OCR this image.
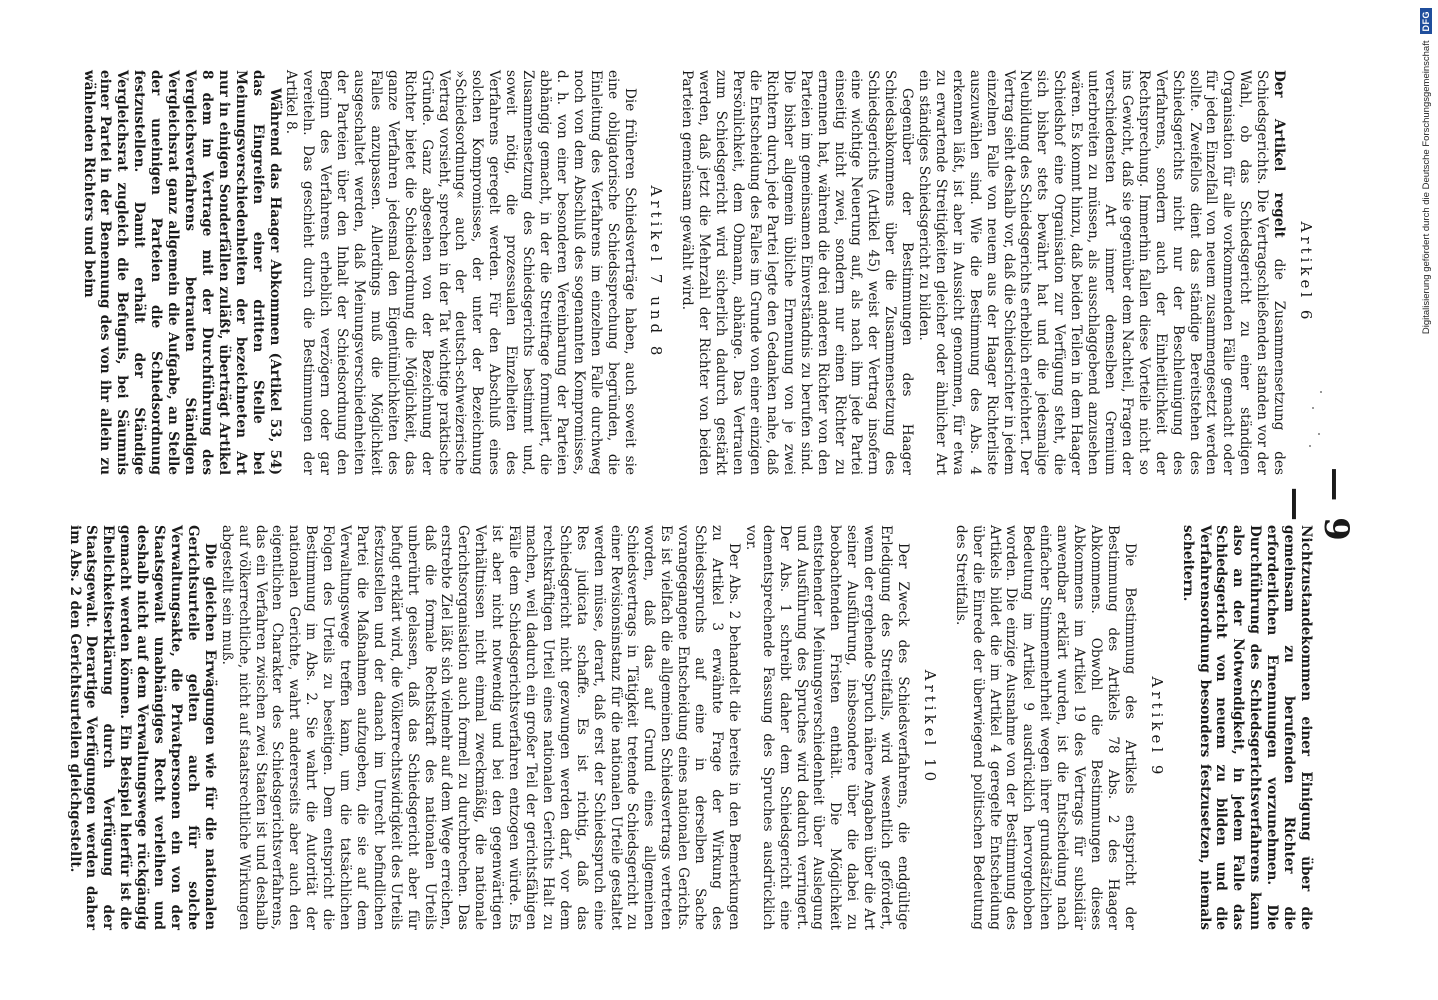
— 9 —
Artikel 6

Der Artikel regelt die Zusammensetzung des Schiedsgerichts. Die Vertragschließenden standen vor der Wahl, ob das Schiedsgericht zu einer ständigen Organisation für alle vorkommenden Fälle gemacht oder für jeden Einzelfall von neuem zusammengesetzt werden sollte. Zweifellos dient das ständige Bereitstehen des Schiedsgerichts nicht nur der Beschleunigung des Verfahrens, sondern auch der Einheitlichkeit der Rechtsprechung. Immerhin fallen diese Vorteile nicht so ins Gewicht, daß sie gegenüber dem Nachteil, Fragen der verschiedensten Art immer demselben Gremium unterbreiten zu müssen, als ausschlaggebend anzusehen wären. Es kommt hinzu, daß beiden Teilen in dem Haager Schiedshof eine Organisation zur Verfügung steht, die sich bisher stets bewährt hat und die jedesmalige Neubildung des Schiedsgerichts erheblich erleichtert. Der Vertrag sieht deshalb vor, daß die Schiedsrichter in jedem einzelnen Falle von neuem aus der Haager Richterliste auszuwählen sind. Wie die Bestimmung des Abs. 4 erkennen läßt, ist aber in Aussicht genommen, für etwa zu erwartende Streitigkeiten gleicher oder ähnlicher Art ein ständiges Schiedsgericht zu bilden.

Gegenüber der Bestimmungen des Haager Schiedsabkommens über die Zusammensetzung des Schiedsgerichts (Artikel 45) weist der Vertrag insofern eine wichtige Neuerung auf, als nach ihm jede Partei einseitig nicht zwei, sondern nur einen Richter zu ernennen hat, während die drei anderen Richter von den Parteien im gemeinsamen Einverständnis zu berufen sind. Die bisher allgemein übliche Ernennung von je zwei Richtern durch jede Partei legte den Gedanken nahe, daß die Entscheidung des Falles im Grunde von einer einzigen Persönlichkeit, dem Obmann, abhänge. Das Vertrauen zum Schiedsgericht wird sicherlich dadurch gestärkt werden, daß jetzt die Mehrzahl der Richter von beiden Parteien gemeinsam gewählt wird.

Artikel 7 und 8

Die früheren Schiedsverträge haben, auch soweit sie eine obligatorische Schiedssprechung begründen, die Einleitung des Verfahrens im einzelnen Falle durchweg noch von dem Abschluß des sogenannten Kompromisses, d. h. von einer besonderen Vereinbarung der Parteien abhängig gemacht, in der die Streitfrage formuliert, die Zusammensetzung des Schiedsgerichts bestimmt und, soweit nötig, die prozessualen Einzelheiten des Verfahrens geregelt werden. Für den Abschluß eines solchen Kompromisses, der unter der Bezeichnung »Schiedsordnung« auch der deutsch-schweizerische Vertrag vorsieht, sprechen in der Tat wichtige praktische Gründe. Ganz abgesehen von der Bezeichnung der Richter bietet die Schiedsordnung die Möglichkeit, das ganze Verfahren jedesmal den Eigentümlichkeiten des Falles anzupassen. Allerdings muß die Möglichkeit ausgeschaltet werden, daß Meinungsverschiedenheiten der Parteien über den Inhalt der Schiedsordnung den Beginn des Verfahrens erheblich verzögern oder gar vereiteln. Das geschieht durch die Bestimmungen der Artikel 8.

Während das Haager Abkommen (Artikel 53, 54) das Eingreifen einer dritten Stelle bei Meinungsverschiedenheiten der bezeichneten Art nur in einigen Sonderfällen zuläßt, überträgt Artikel 8 dem im Vertrage mit der Durchführung des Vergleichsverfahrens betrauten Ständigen Vergleichsrat ganz allgemein die Aufgabe, an Stelle der uneinigen Parteien die Schiedsordnung festzustellen. Damit erhält der Ständige Vergleichsrat zugleich die Befugnis, bei Säumnis einer Partei in der Benennung des von ihr allein zu wählenden Richters und beim

Nichtzustandekommen einer Einigung über die gemeinsam zu berufenden Richter die erforderlichen Ernennungen vorzunehmen. Die Durchführung des Schiedsgerichtsverfahrens kann also an der Notwendigkeit, in jedem Falle das Schiedsgericht von neuem zu bilden und die Verfahrensordnung besonders festzusetzen, niemals scheitern.

Artikel 9

Die Bestimmung des Artikels entspricht der Bestimmung des Artikels 78 Abs. 2 des Haager Abkommens. Obwohl die Bestimmungen dieses Abkommens im Artikel 19 des Vertrags für subsidiär anwendbar erklärt wurden, ist die Entscheidung nach einfacher Stimmenmehrheit wegen ihrer grundsätzlichen Bedeutung im Artikel 9 ausdrücklich hervorgehoben worden. Die einzige Ausnahme von der Bestimmung des Artikels bildet die im Artikel 4 geregelte Entscheidung über die Einrede der überwiegend politischen Bedeutung des Streitfalls.

Artikel 10

Der Zweck des Schiedsverfahrens, die endgültige Erledigung des Streitfalls, wird wesentlich gefördert, wenn der ergehende Spruch nähere Angaben über die Art seiner Ausführung, insbesondere über die dabei zu beobachtenden Fristen enthält. Die Möglichkeit entstehender Meinungsverschiedenheit über Auslegung und Ausführung des Spruches wird dadurch verringert. Der Abs. 1 schreibt daher dem Schiedsgericht eine dementsprechende Fassung des Spruches ausdrücklich vor.

Der Abs. 2 behandelt die bereits in den Bemerkungen zu Artikel 3 erwähnte Frage der Wirkung des Schiedsspruchs auf eine in derselben Sache vorangegangene Entscheidung eines nationalen Gerichts. Es ist vielfach die allgemeinen Schiedsvertrags vertreten worden, daß das auf Grund eines allgemeinen Schiedsvertrags in Tätigkeit tretende Schiedsgericht zu einer Revisionsinstanz für die nationalen Urteile gestaltet werden müsse, derart, daß erst der Schiedsspruch eine Res judicata schaffe. Es ist richtig, daß das Schiedsgericht nicht gezwungen werden darf, vor dem rechtskräftigen Urteil eines nationalen Gerichts Halt zu machen, weil dadurch ein großer Teil der gerichtsfähigen Fälle dem Schiedsgerichtsverfahren entzogen würde. Es ist aber nicht notwendig und bei den gegenwärtigen Verhältnissen nicht einmal zweckmäßig, die nationale Gerichtsorganisation auch formell zu durchbrechen. Das erstrebte Ziel läßt sich vielmehr auf dem Wege erreichen, daß die formale Rechtskraft des nationalen Urteils unberührt gelassen, daß das Schiedsgericht aber für befugt erklärt wird, die Völkerrechtswidrigkeit des Urteils festzustellen und der danach im Unrecht befindlichen Partei die Maßnahmen aufzugeben, die sie auf dem Verwaltungswege treffen kann, um die tatsächlichen Folgen des Urteils zu beseitigen. Dem entspricht die Bestimmung im Abs. 2. Sie wahrt die Autorität der nationalen Gerichte, wahrt andererseits aber auch den eigentlichen Charakter des Schiedsgerichtsverfahrens, das ein Verfahren zwischen zwei Staaten ist und deshalb auf völkerrechtliche, nicht auf staatsrechtliche Wirkungen abgestellt sein muß.

Die gleichen Erwägungen wie für die nationalen Gerichtsurteile gelten auch für solche Verwaltungsakte, die Privatpersonen ein von der Staatsgewalt unabhängiges Recht verleihen und deshalb nicht auf dem Verwaltungswege rückgängig gemacht werden können. Ein Beispiel hierfür ist die Ehelichkeitserklärung durch Verfügung der Staatsgewalt. Derartige Verfügungen werden daher im Abs. 2 den Gerichtsurteilen gleichgestellt.

Digitalisierung gefördert durch die Deutsche Forschungsgemeinschaft
DFG
